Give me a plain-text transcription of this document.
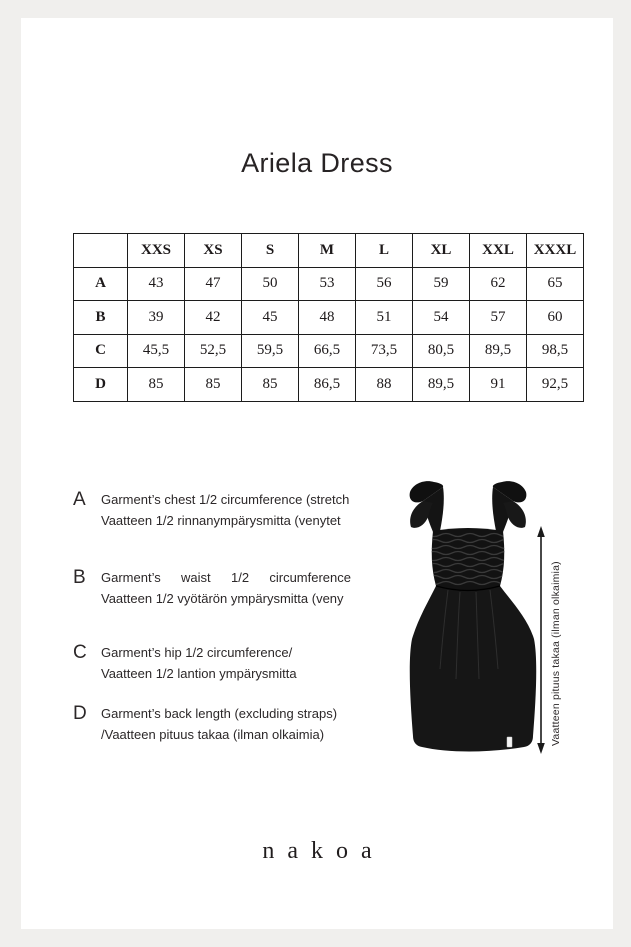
Ariela Dress
	XXS	XS	S	M	L	XL	XXL	XXXL
A	43	47	50	53	56	59	62	65
B	39	42	45	48	51	54	57	60
C	45,5	52,5	59,5	66,5	73,5	80,5	89,5	98,5
D	85	85	85	86,5	88	89,5	91	92,5
A	Garment’s chest 1/2 circumference (stretch
Vaatteen 1/2 rinnanympärysmitta (venytet
B	Garment’s waist 1/2 circumference
Vaatteen 1/2 vyötärön ympärysmitta (veny
C	Garment’s hip 1/2 circumference/
Vaatteen 1/2 lantion ympärysmitta
D	Garment’s back length (excluding straps)
/Vaatteen pituus takaa (ilman olkaimia)	Vaatteen pituus takaa (ilman olkaimia)
nakoa
